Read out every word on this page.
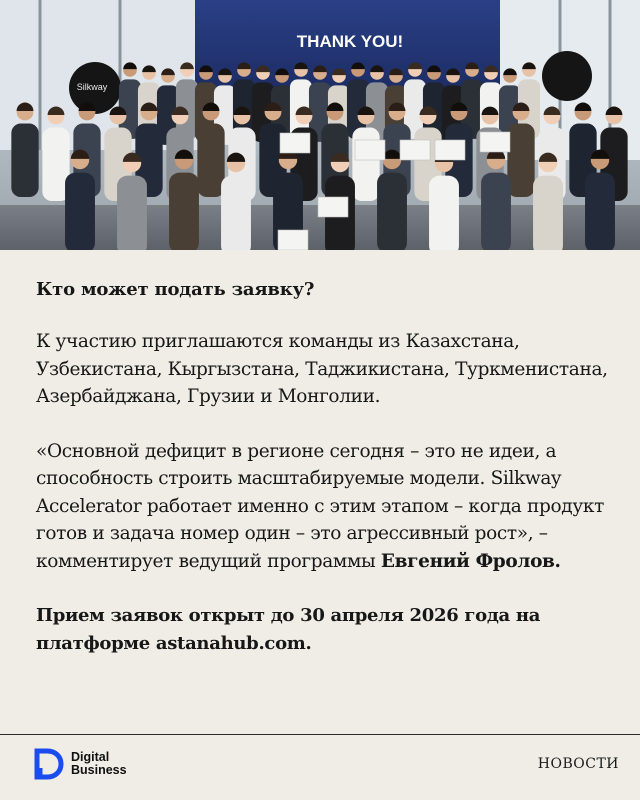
THANK YOU!
Silkway

Кто может подать заявку?

К участию приглашаются команды из Казахстана, Узбекистана, Кыргызстана, Таджикистана, Туркменистана, Азербайджана, Грузии и Монголии.

«Основной дефицит в регионе сегодня – это не идеи, а способность строить масштабируемые модели. Silkway Accelerator работает именно с этим этапом – когда продукт готов и задача номер один – это агрессивный рост», – комментирует ведущий программы Евгений Фролов.

Прием заявок открыт до 30 апреля 2026 года на платформе astanahub.com.

Digital
Business	НОВОСТИ
